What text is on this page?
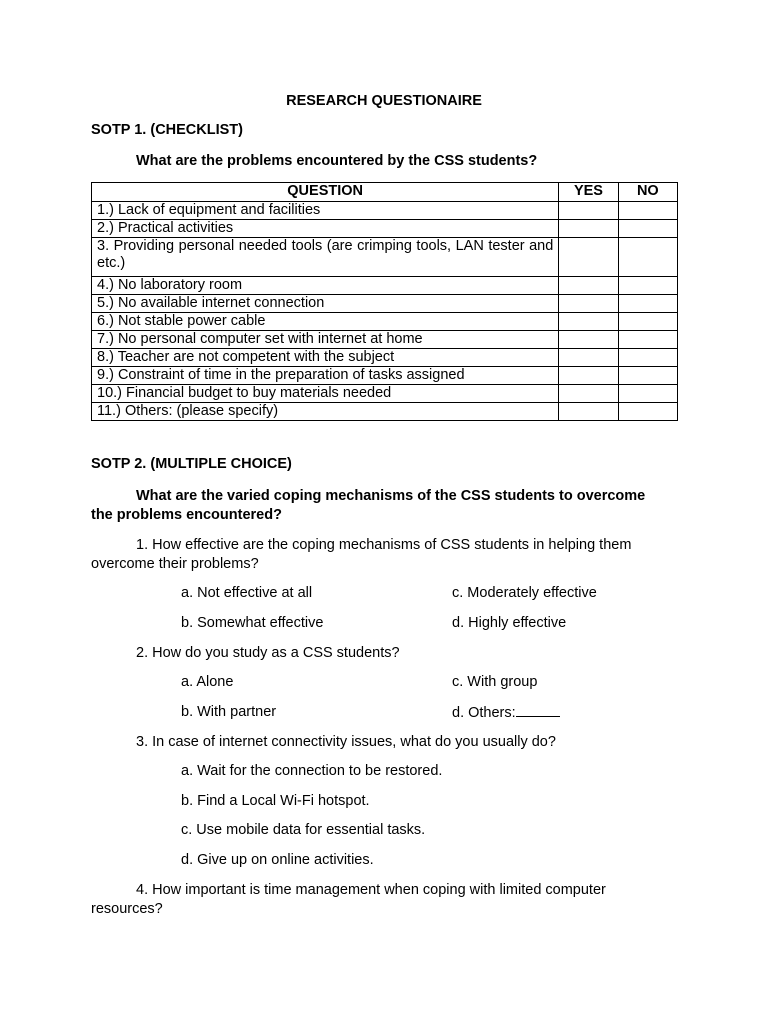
RESEARCH QUESTIONAIRE
SOTP 1. (CHECKLIST)
What are the problems encountered by the CSS students?
QUESTION	YES	NO
1.) Lack of equipment and facilities		
2.) Practical activities		
3. Providing personal needed tools (are crimping tools, LAN tester and etc.)		
4.) No laboratory room		
5.) No available internet connection		
6.) Not stable power cable		
7.) No personal computer set with internet at home		
8.) Teacher are not competent with the subject		
9.) Constraint of time in the preparation of tasks assigned		
10.) Financial budget to buy materials needed		
11.) Others: (please specify)		
SOTP 2. (MULTIPLE CHOICE)
What are the varied coping mechanisms of the CSS students to overcome
the problems encountered?
1. How effective are the coping mechanisms of CSS students in helping them
overcome their problems?
a. Not effective at all	c. Moderately effective
b. Somewhat effective	d. Highly effective
2. How do you study as a CSS students?
a. Alone	c. With group
b. With partner	d. Others:
3. In case of internet connectivity issues, what do you usually do?
a. Wait for the connection to be restored.
b. Find a Local Wi-Fi hotspot.
c. Use mobile data for essential tasks.
d. Give up on online activities.
4. How important is time management when coping with limited computer
resources?
